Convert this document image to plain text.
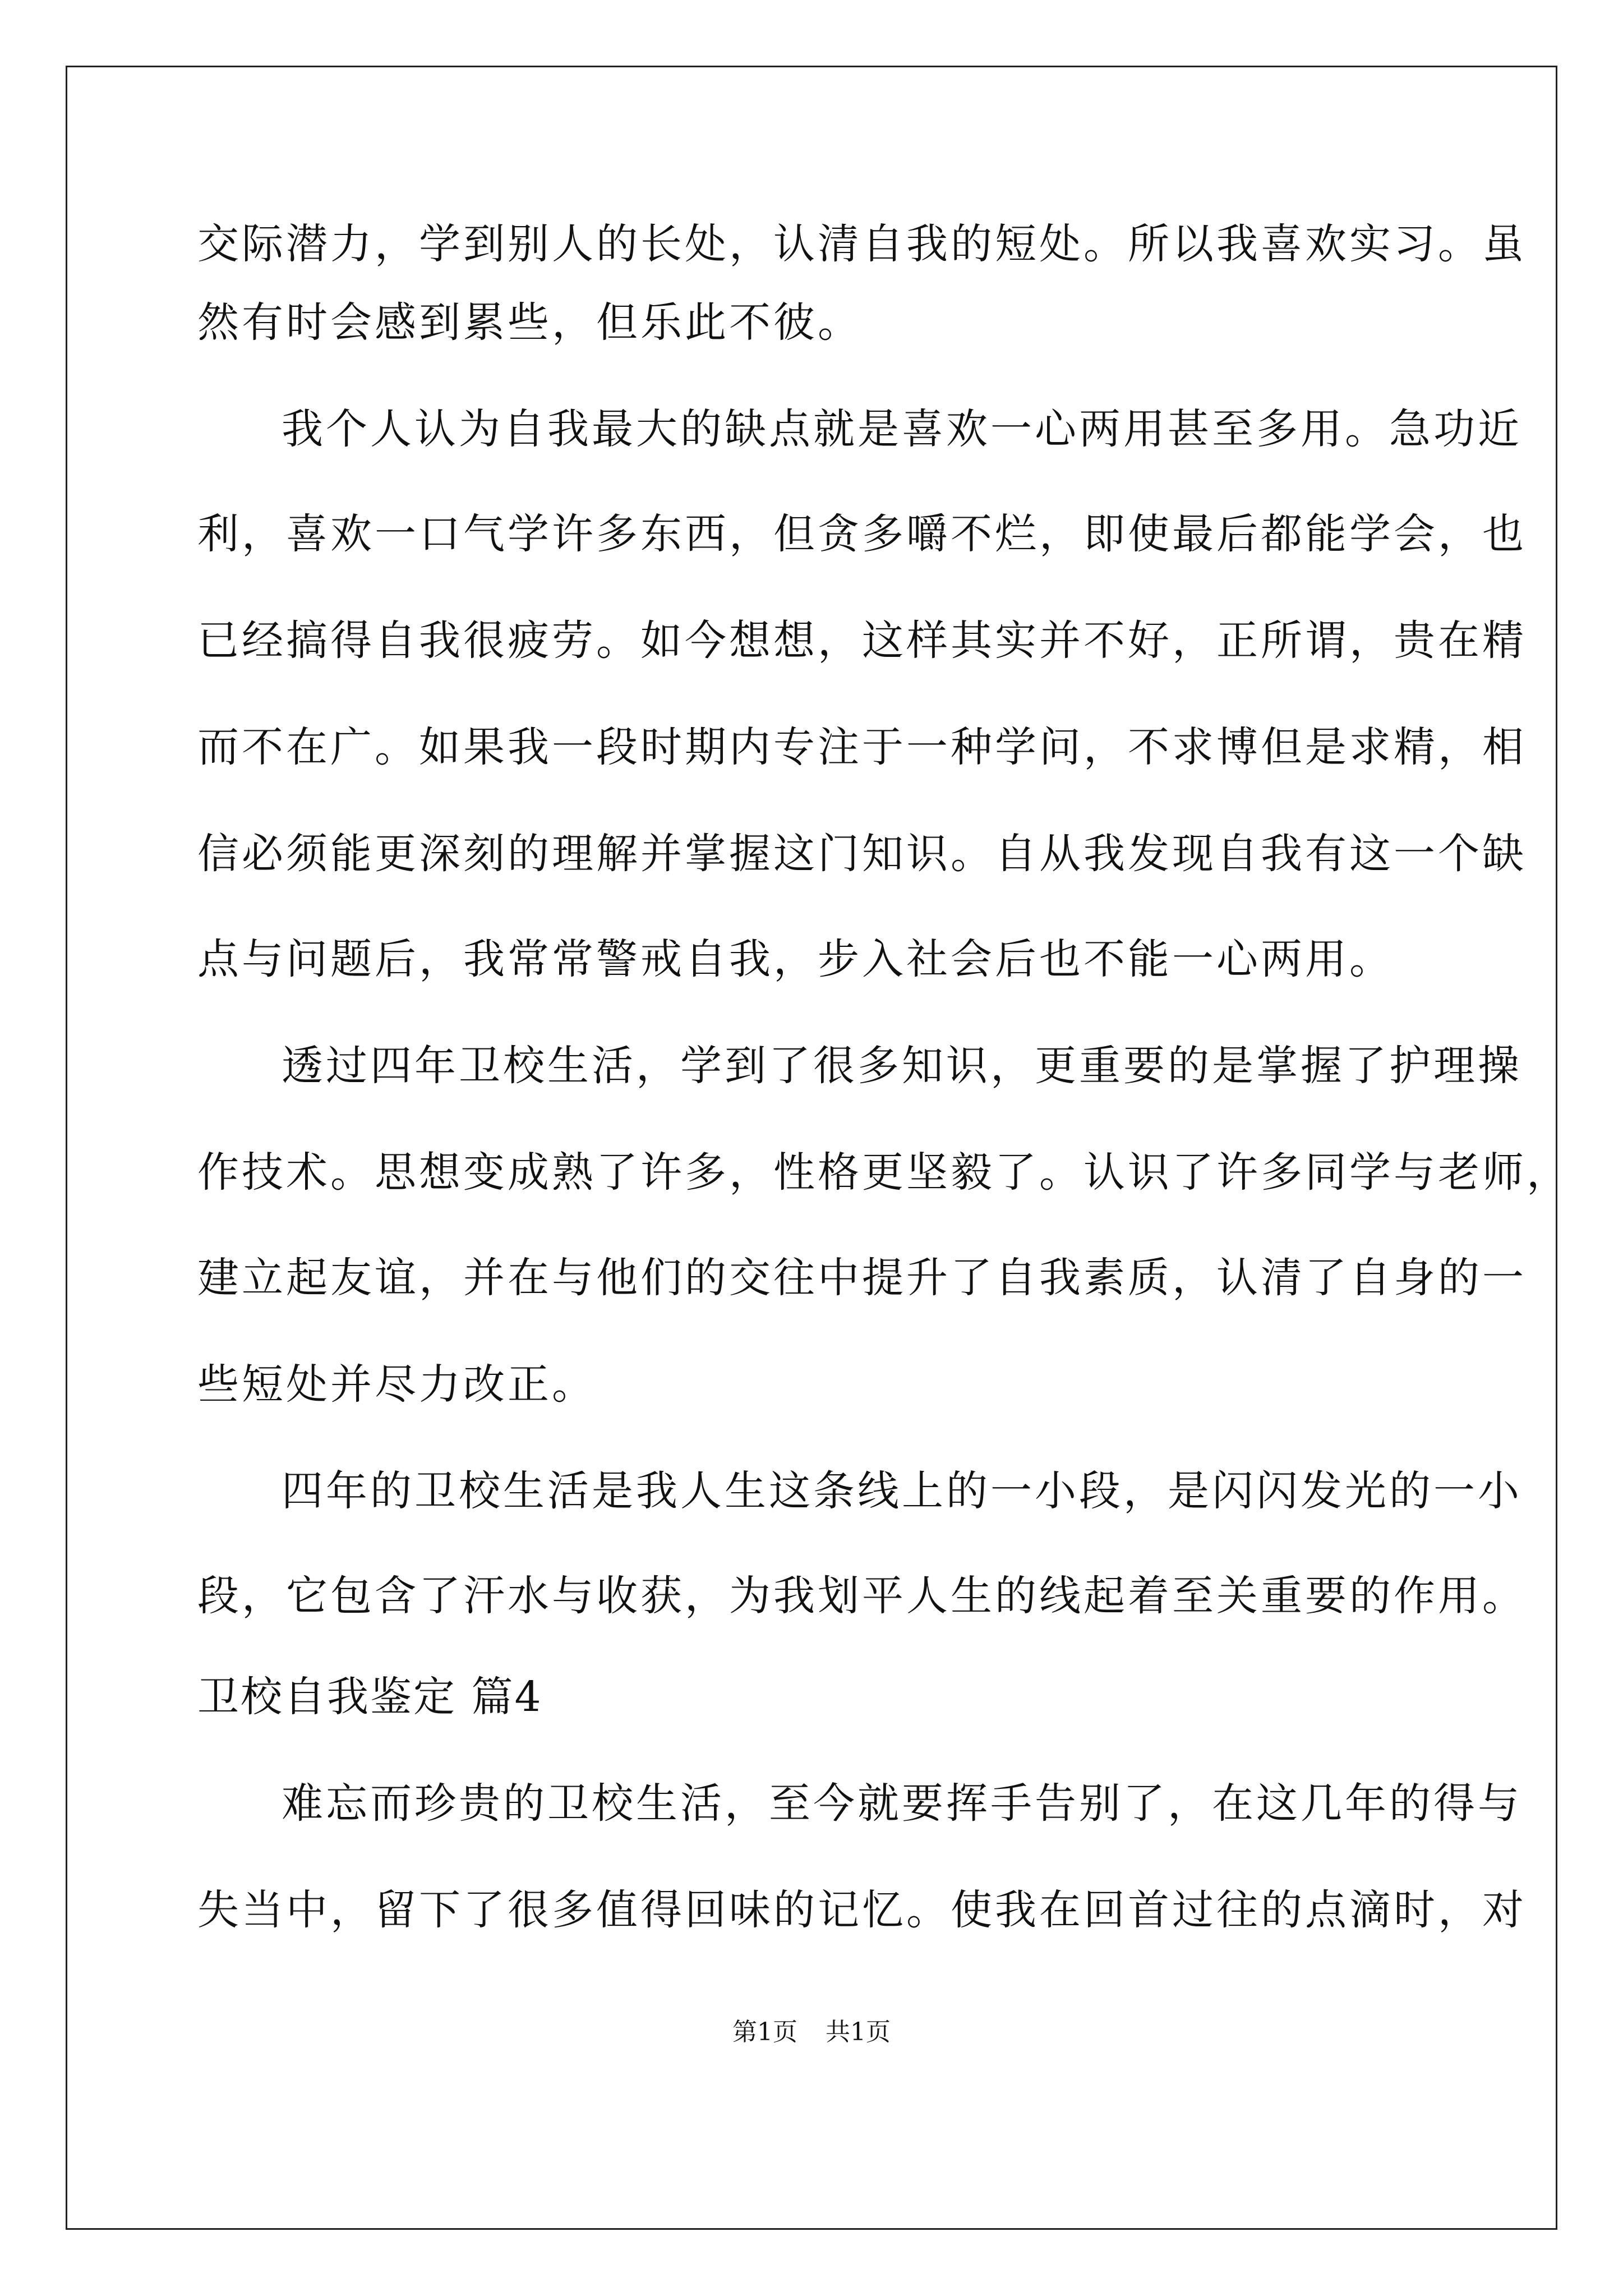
交际潜力，学到别人的长处，认清自我的短处。所以我喜欢实习。虽

然有时会感到累些，但乐此不彼。

我个人认为自我最大的缺点就是喜欢一心两用甚至多用。急功近

利，喜欢一口气学许多东西，但贪多嚼不烂，即使最后都能学会，也

已经搞得自我很疲劳。如今想想，这样其实并不好，正所谓，贵在精

而不在广。如果我一段时期内专注于一种学问，不求博但是求精，相

信必须能更深刻的理解并掌握这门知识。自从我发现自我有这一个缺

点与问题后，我常常警戒自我，步入社会后也不能一心两用。

透过四年卫校生活，学到了很多知识，更重要的是掌握了护理操

作技术。思想变成熟了许多，性格更坚毅了。认识了许多同学与老师，

建立起友谊，并在与他们的交往中提升了自我素质，认清了自身的一

些短处并尽力改正。

四年的卫校生活是我人生这条线上的一小段，是闪闪发光的一小

段，它包含了汗水与收获，为我划平人生的线起着至关重要的作用。

卫校自我鉴定 篇4

难忘而珍贵的卫校生活，至今就要挥手告别了，在这几年的得与

失当中，留下了很多值得回味的记忆。使我在回首过往的点滴时，对

第1页 共1页
